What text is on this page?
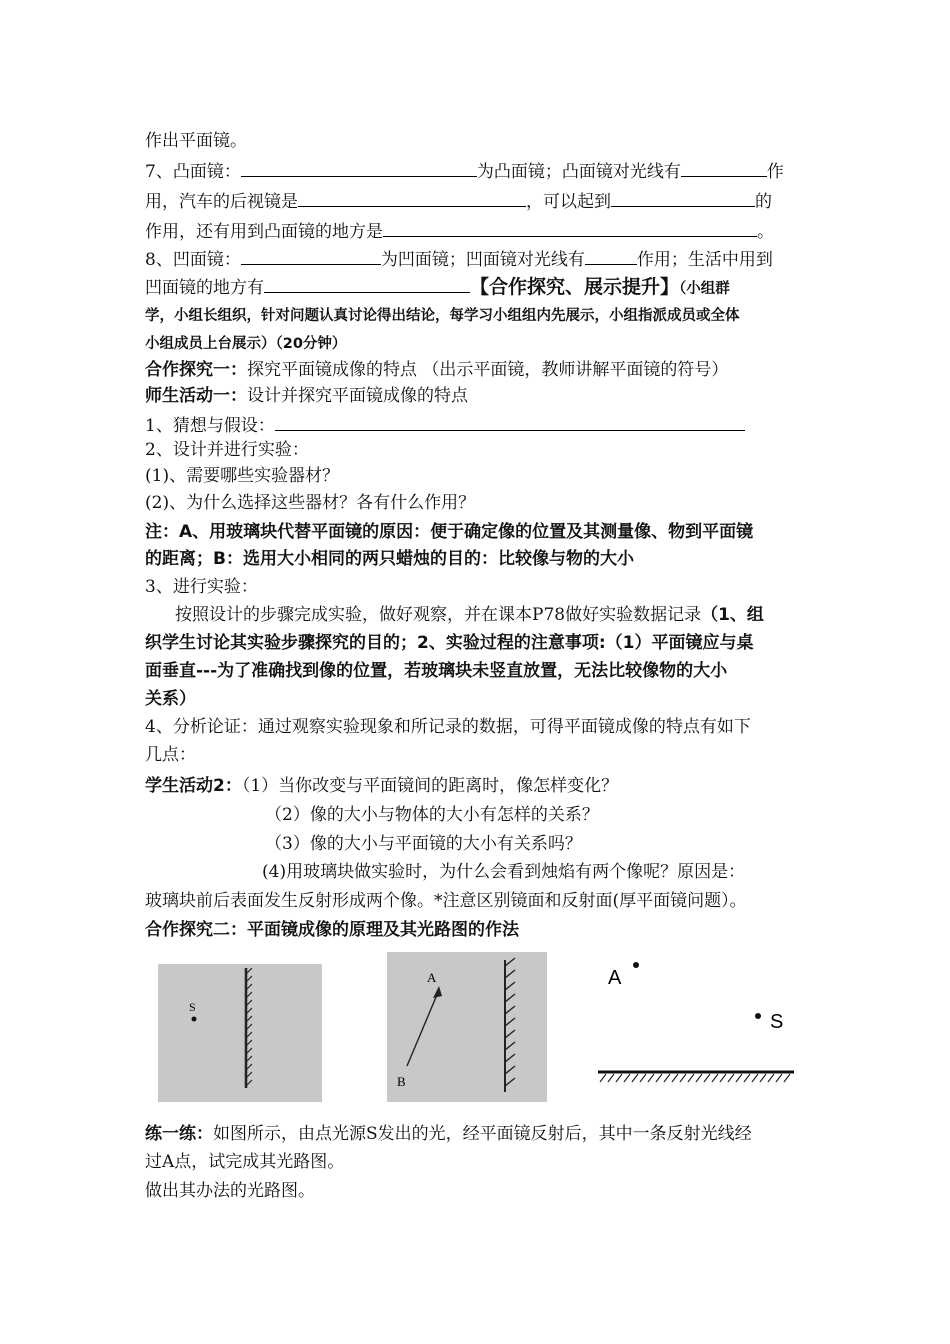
作出平面镜。
7、凸面镜：	为凸面镜；凸面镜对光线有	作
用，汽车的后视镜是	，可以起到	的
作用，还有用到凸面镜的地方是	。
8、凹面镜：	为凹面镜；凹面镜对光线有	作用；生活中用到
凹面镜的地方有	【合作探究、展示提升】（小组群
学，小组长组织，针对问题认真讨论得出结论，每学习小组组内先展示，小组指派成员或全体
小组成员上台展示）（20分钟）
合作探究一：探究平面镜成像的特点 （出示平面镜，教师讲解平面镜的符号）
师生活动一：设计并探究平面镜成像的特点
1、猜想与假设：
2、设计并进行实验：
(1)、需要哪些实验器材？
(2)、为什么选择这些器材？各有什么作用？
注：A、用玻璃块代替平面镜的原因：便于确定像的位置及其测量像、物到平面镜
的距离；B：选用大小相同的两只蜡烛的目的：比较像与物的大小
3、进行实验：
按照设计的步骤完成实验，做好观察，并在课本P78做好实验数据记录（1、组
织学生讨论其实验步骤探究的目的；2、实验过程的注意事项:（1）平面镜应与桌
面垂直---为了准确找到像的位置，若玻璃块未竖直放置，无法比较像物的大小
关系）
4、分析论证：通过观察实验现象和所记录的数据，可得平面镜成像的特点有如下
几点：
学生活动2：（1）当你改变与平面镜间的距离时，像怎样变化？
（2）像的大小与物体的大小有怎样的关系？
（3）像的大小与平面镜的大小有关系吗？
(4)用玻璃块做实验时，为什么会看到烛焰有两个像呢？原因是：
玻璃块前后表面发生反射形成两个像。*注意区别镜面和反射面(厚平面镜问题）。
合作探究二：平面镜成像的原理及其光路图的作法
S
A
B
A
S
练一练：如图所示，由点光源S发出的光，经平面镜反射后，其中一条反射光线经
过A点，试完成其光路图。
做出其办法的光路图。
